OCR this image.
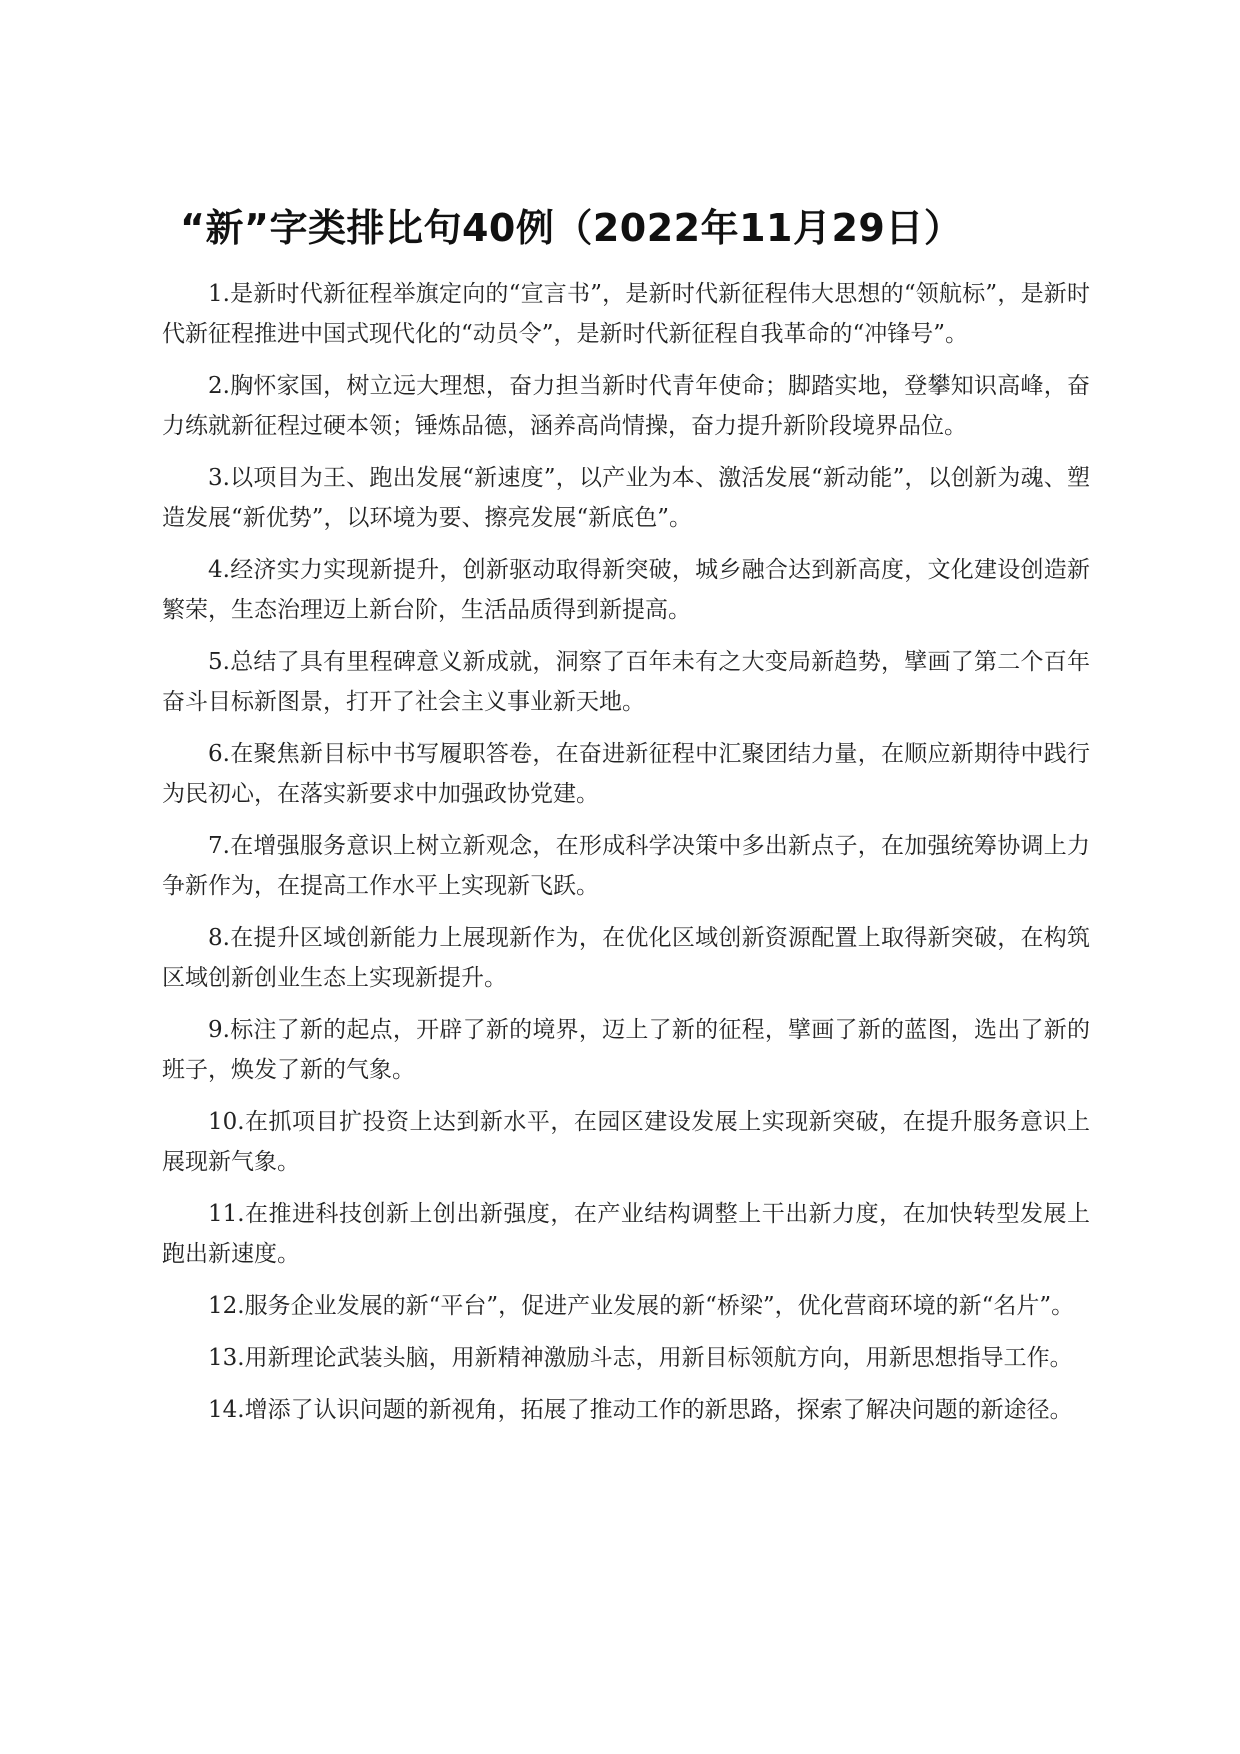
“新”字类排比句40例（2022年11月29日）

1.是新时代新征程举旗定向的“宣言书”，是新时代新征程伟大思想的“领航标”，是新时代新征程推进中国式现代化的“动员令”，是新时代新征程自我革命的“冲锋号”。

2.胸怀家国，树立远大理想，奋力担当新时代青年使命；脚踏实地，登攀知识高峰，奋力练就新征程过硬本领；锤炼品德，涵养高尚情操，奋力提升新阶段境界品位。

3.以项目为王、跑出发展“新速度”，以产业为本、激活发展“新动能”，以创新为魂、塑造发展“新优势”，以环境为要、擦亮发展“新底色”。

4.经济实力实现新提升，创新驱动取得新突破，城乡融合达到新高度，文化建设创造新繁荣，生态治理迈上新台阶，生活品质得到新提高。

5.总结了具有里程碑意义新成就，洞察了百年未有之大变局新趋势，擘画了第二个百年奋斗目标新图景，打开了社会主义事业新天地。

6.在聚焦新目标中书写履职答卷，在奋进新征程中汇聚团结力量，在顺应新期待中践行为民初心，在落实新要求中加强政协党建。

7.在增强服务意识上树立新观念，在形成科学决策中多出新点子，在加强统筹协调上力争新作为，在提高工作水平上实现新飞跃。

8.在提升区域创新能力上展现新作为，在优化区域创新资源配置上取得新突破，在构筑区域创新创业生态上实现新提升。

9.标注了新的起点，开辟了新的境界，迈上了新的征程，擘画了新的蓝图，选出了新的班子，焕发了新的气象。

10.在抓项目扩投资上达到新水平，在园区建设发展上实现新突破，在提升服务意识上展现新气象。

11.在推进科技创新上创出新强度，在产业结构调整上干出新力度，在加快转型发展上跑出新速度。

12.服务企业发展的新“平台”，促进产业发展的新“桥梁”，优化营商环境的新“名片”。

13.用新理论武装头脑，用新精神激励斗志，用新目标领航方向，用新思想指导工作。

14.增添了认识问题的新视角，拓展了推动工作的新思路，探索了解决问题的新途径。
